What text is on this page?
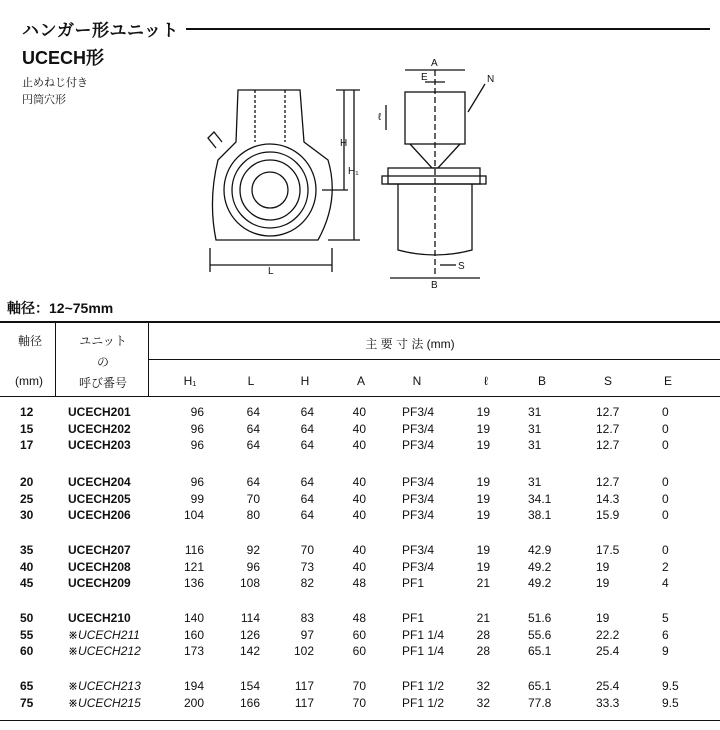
ハンガー形ユニット
UCECH形
止めねじ付き
円筒穴形
A
E	N
ℓ
H
H₁
L	S
B
軸径：12~75mm
軸径
(mm)
ユニット
の
呼び番号
主 要 寸 法 (mm)
H₁	L	H	A	N	ℓ	B	S	E
12	UCECH201	96	64	64	40	PF3/4	19	31	12.7	0
15	UCECH202	96	64	64	40	PF3/4	19	31	12.7	0
17	UCECH203	96	64	64	40	PF3/4	19	31	12.7	0
20	UCECH204	96	64	64	40	PF3/4	19	31	12.7	0
25	UCECH205	99	70	64	40	PF3/4	19	34.1	14.3	0
30	UCECH206	104	80	64	40	PF3/4	19	38.1	15.9	0
35	UCECH207	116	92	70	40	PF3/4	19	42.9	17.5	0
40	UCECH208	121	96	73	40	PF3/4	19	49.2	19	2
45	UCECH209	136	108	82	48	PF1	21	49.2	19	4
50	UCECH210	140	114	83	48	PF1	21	51.6	19	5
55	※UCECH211	160	126	97	60	PF1 1/4	28	55.6	22.2	6
60	※UCECH212	173	142	102	60	PF1 1/4	28	65.1	25.4	9
65	※UCECH213	194	154	117	70	PF1 1/2	32	65.1	25.4	9.5
75	※UCECH215	200	166	117	70	PF1 1/2	32	77.8	33.3	9.5
